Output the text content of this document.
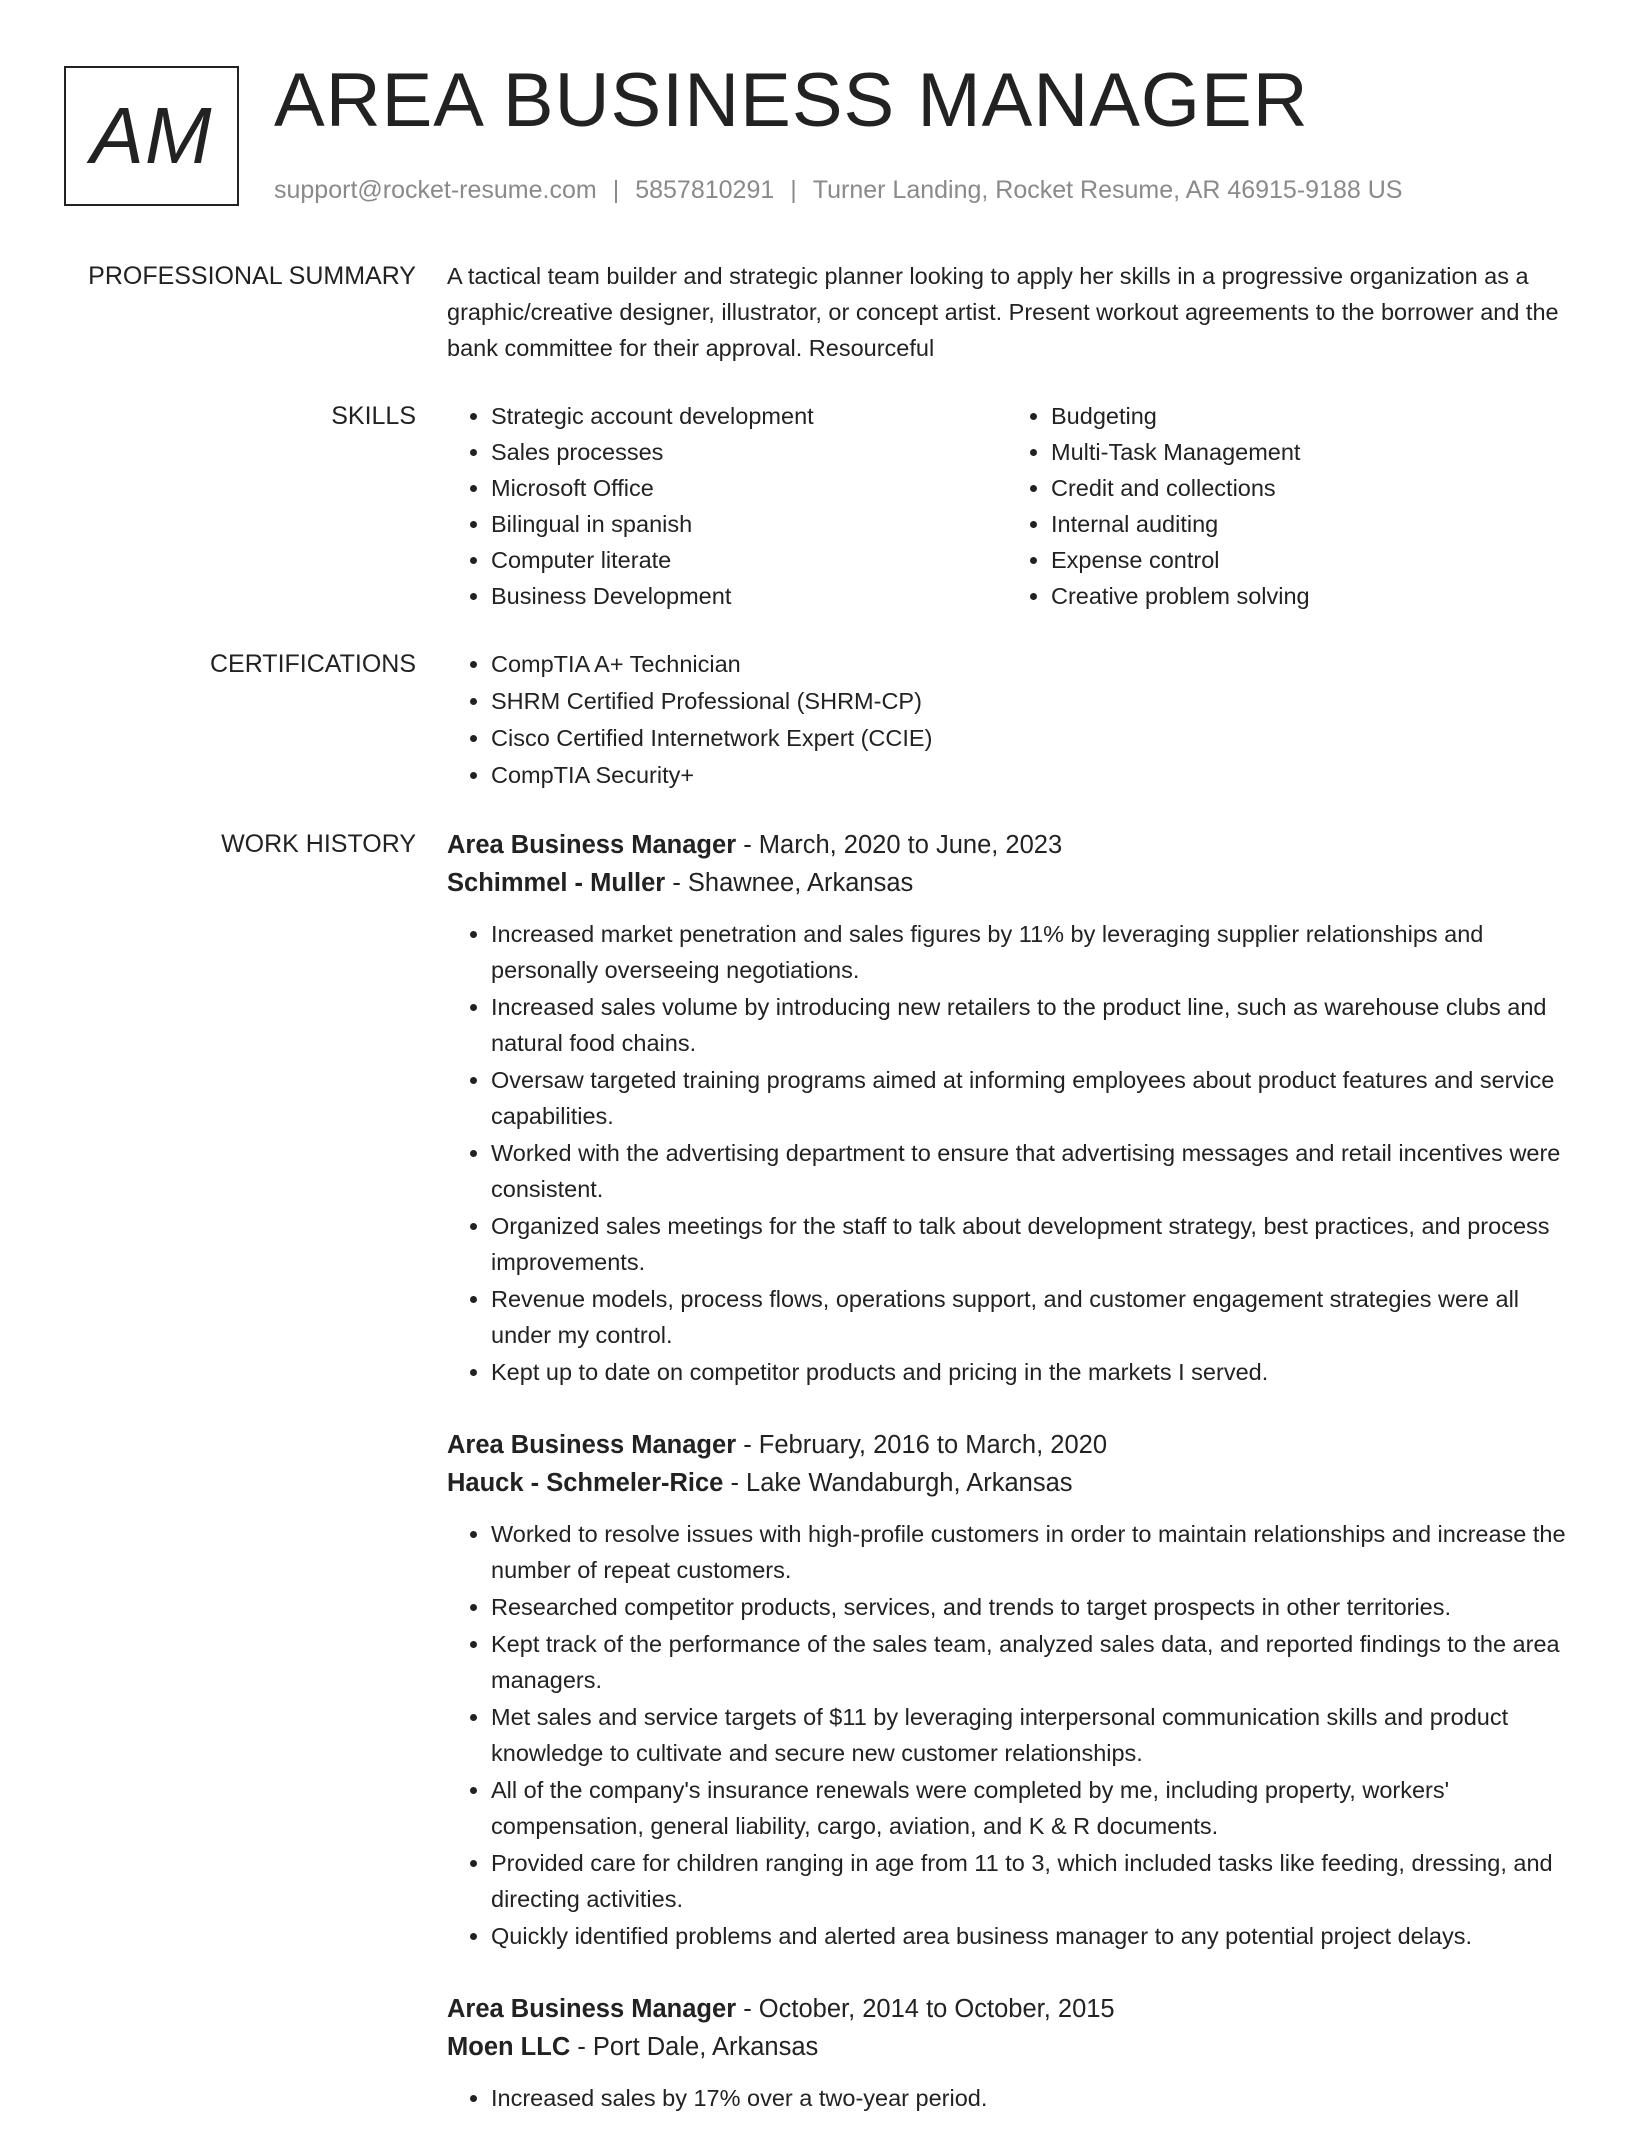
AM AREA BUSINESS MANAGER
support@rocket-resume.com | 5857810291 | Turner Landing, Rocket Resume, AR 46915-9188 US
PROFESSIONAL SUMMARY A tactical team builder and strategic planner looking to apply her skills in a progressive organization as a graphic/creative designer, illustrator, or concept artist. Present workout agreements to the borrower and the bank committee for their approval. Resourceful

SKILLS	• Strategic account development
• Sales processes
• Microsoft Office
• Bilingual in spanish
• Computer literate
• Business Development
• Budgeting
• Multi-Task Management
• Credit and collections
• Internal auditing
• Expense control
• Creative problem solving
CERTIFICATIONS	• CompTIA A+ Technician
• SHRM Certified Professional (SHRM-CP)
• Cisco Certified Internetwork Expert (CCIE)
• CompTIA Security+
WORK HISTORY Area Business Manager - March, 2020 to June, 2023
Schimmel - Muller - Shawnee, Arkansas
• Increased market penetration and sales figures by 11% by leveraging supplier relationships and personally overseeing negotiations.
• Increased sales volume by introducing new retailers to the product line, such as warehouse clubs and natural food chains.
• Oversaw targeted training programs aimed at informing employees about product features and service capabilities.
• Worked with the advertising department to ensure that advertising messages and retail incentives were consistent.
• Organized sales meetings for the staff to talk about development strategy, best practices, and process improvements.
• Revenue models, process flows, operations support, and customer engagement strategies were all under my control.
• Kept up to date on competitor products and pricing in the markets I served.
Area Business Manager - February, 2016 to March, 2020
Hauck - Schmeler-Rice - Lake Wandaburgh, Arkansas
• Worked to resolve issues with high-profile customers in order to maintain relationships and increase the number of repeat customers.
• Researched competitor products, services, and trends to target prospects in other territories.
• Kept track of the performance of the sales team, analyzed sales data, and reported findings to the area managers.
• Met sales and service targets of $11 by leveraging interpersonal communication skills and product knowledge to cultivate and secure new customer relationships.
• All of the company's insurance renewals were completed by me, including property, workers' compensation, general liability, cargo, aviation, and K & R documents.
• Provided care for children ranging in age from 11 to 3, which included tasks like feeding, dressing, and directing activities.
• Quickly identified problems and alerted area business manager to any potential project delays.
Area Business Manager - October, 2014 to October, 2015
Moen LLC - Port Dale, Arkansas
• Increased sales by 17% over a two-year period.
